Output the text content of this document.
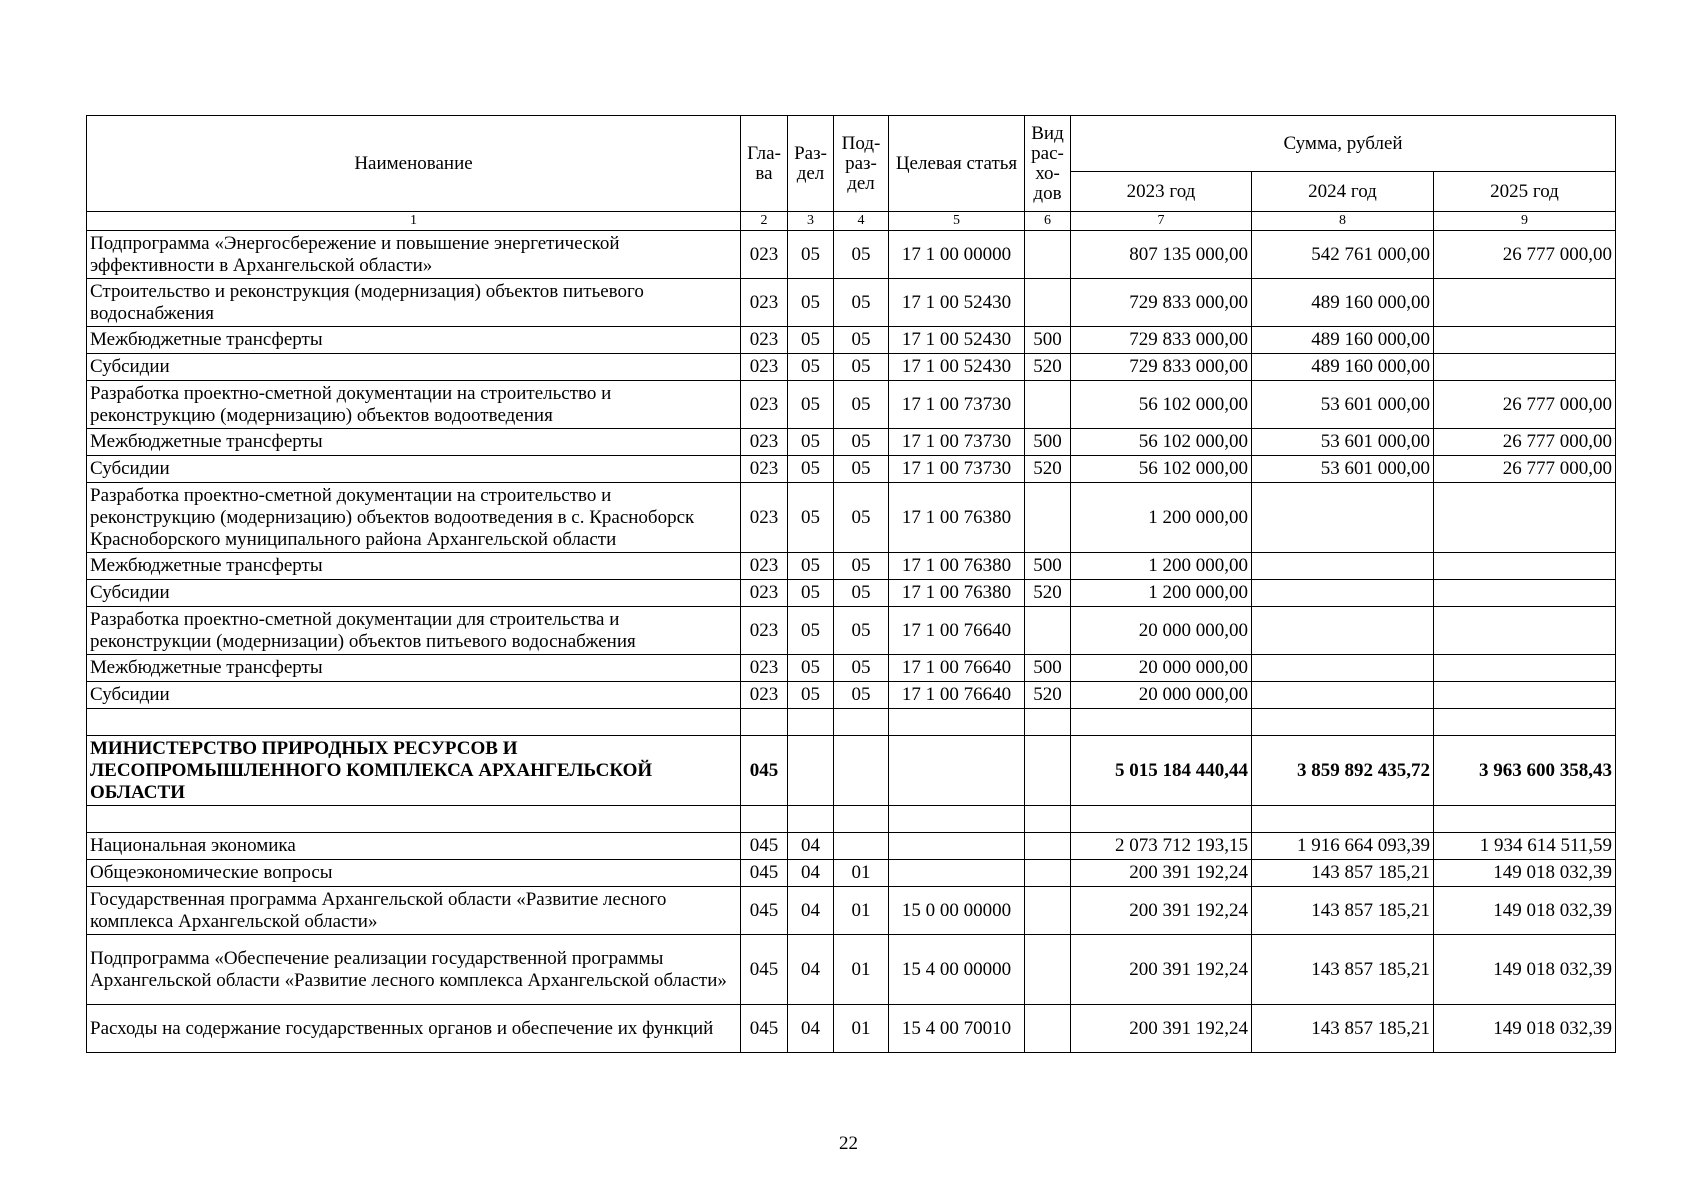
Наименование	Гла-ва	Раз-дел	Под-раз-дел	Целевая статья	Вид рас-хо-дов	Сумма, рублей		
						2023 год	2024 год	2025 год
1	2	3	4	5	6	7	8	9
Подпрограмма «Энергосбережение и повышение энергетической эффективности в Архангельской области»	023	05	05	17 1 00 00000		807 135 000,00	542 761 000,00	26 777 000,00
Строительство и реконструкция (модернизация) объектов питьевого водоснабжения	023	05	05	17 1 00 52430		729 833 000,00	489 160 000,00	
Межбюджетные трансферты	023	05	05	17 1 00 52430	500	729 833 000,00	489 160 000,00	
Субсидии	023	05	05	17 1 00 52430	520	729 833 000,00	489 160 000,00	
Разработка проектно-сметной документации на строительство и реконструкцию (модернизацию) объектов водоотведения	023	05	05	17 1 00 73730		56 102 000,00	53 601 000,00	26 777 000,00
Межбюджетные трансферты	023	05	05	17 1 00 73730	500	56 102 000,00	53 601 000,00	26 777 000,00
Субсидии	023	05	05	17 1 00 73730	520	56 102 000,00	53 601 000,00	26 777 000,00
Разработка проектно-сметной документации на строительство и реконструкцию (модернизацию) объектов водоотведения в с. Красноборск Красноборского муниципального района Архангельской области	023	05	05	17 1 00 76380		1 200 000,00		
Межбюджетные трансферты	023	05	05	17 1 00 76380	500	1 200 000,00		
Субсидии	023	05	05	17 1 00 76380	520	1 200 000,00		
Разработка проектно-сметной документации для строительства и реконструкции (модернизации) объектов питьевого водоснабжения	023	05	05	17 1 00 76640		20 000 000,00		
Межбюджетные трансферты	023	05	05	17 1 00 76640	500	20 000 000,00		
Субсидии	023	05	05	17 1 00 76640	520	20 000 000,00		

МИНИСТЕРСТВО ПРИРОДНЫХ РЕСУРСОВ И ЛЕСОПРОМЫШЛЕННОГО КОМПЛЕКСА АРХАНГЕЛЬСКОЙ ОБЛАСТИ	045					5 015 184 440,44	3 859 892 435,72	3 963 600 358,43

Национальная экономика	045	04				2 073 712 193,15	1 916 664 093,39	1 934 614 511,59
Общеэкономические вопросы	045	04	01			200 391 192,24	143 857 185,21	149 018 032,39
Государственная программа Архангельской области «Развитие лесного комплекса Архангельской области»	045	04	01	15 0 00 00000		200 391 192,24	143 857 185,21	149 018 032,39
Подпрограмма «Обеспечение реализации государственной программы Архангельской области «Развитие лесного комплекса Архангельской области»	045	04	01	15 4 00 00000		200 391 192,24	143 857 185,21	149 018 032,39
Расходы на содержание государственных органов и обеспечение их функций	045	04	01	15 4 00 70010		200 391 192,24	143 857 185,21	149 018 032,39
22
